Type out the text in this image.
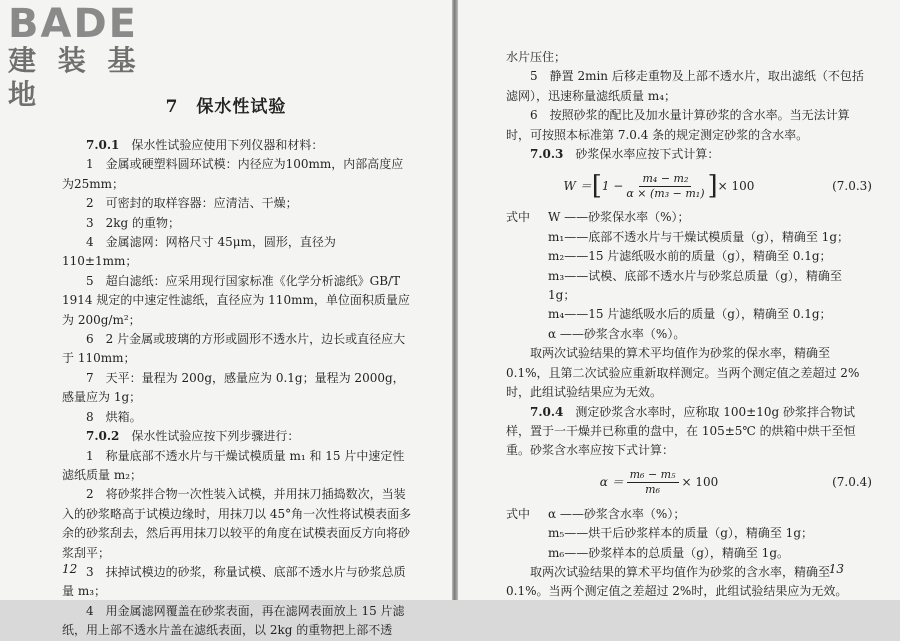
BADE
建 装 基 地	7　保水性试验

7.0.1　 保水性试验应使用下列仪器和材料：

1　金属或硬塑料圆环试模：内径应为100mm，内部高度应为25mm；
2　可密封的取样容器：应清洁、干燥；
3　2kg 的重物；
4　金属滤网：网格尺寸 45μm，圆形，直径为 110±1mm；
5　超白滤纸：应采用现行国家标准《化学分析滤纸》GB/T 1914 规定的中速定性滤纸，直径应为 110mm，单位面积质量应为 200g/m²；
6　2 片金属或玻璃的方形或圆形不透水片，边长或直径应大于 110mm；
7　天平：量程为 200g，感量应为 0.1g；量程为 2000g，感量应为 1g；
8　烘箱。

7.0.2　 保水性试验应按下列步骤进行：

1　称量底部不透水片与干燥试模质量 m₁ 和 15 片中速定性滤纸质量 m₂；
2　将砂浆拌合物一次性装入试模，并用抹刀插捣数次，当装入的砂浆略高于试模边缘时，用抹刀以 45°角一次性将试模表面多余的砂浆刮去，然后再用抹刀以较平的角度在试模表面反方向将砂浆刮平；
3　抹掉试模边的砂浆，称量试模、底部不透水片与砂浆总质量 m₃；
4　用金属滤网覆盖在砂浆表面，再在滤网表面放上 15 片滤纸，用上部不透水片盖在滤纸表面，以 2kg 的重物把上部不透
12
水片压住；
5　静置 2min 后移走重物及上部不透水片，取出滤纸（不包括滤网），迅速称量滤纸质量 m₄；
6　按照砂浆的配比及加水量计算砂浆的含水率。当无法计算时，可按照本标准第 7.0.4 条的规定测定砂浆的含水率。

7.0.3　 砂浆保水率应按下式计算：

W ＝ [ $1 - \frac{\text{m₄ − m₂}}{\text{α × (m₃ − m₁)}}$ ] × 100	(7.0.3)
式中 W ——砂浆保水率（%）；
m₁——底部不透水片与干燥试模质量（g），精确至 1g；
m₂——15 片滤纸吸水前的质量（g），精确至 0.1g；
m₃——试模、底部不透水片与砂浆总质量（g），精确至 1g；
m₄——15 片滤纸吸水后的质量（g），精确至 0.1g；
α ——砂浆含水率（%）。

取两次试验结果的算术平均值作为砂浆的保水率，精确至 0.1%，且第二次试验应重新取样测定。当两个测定值之差超过 2%时，此组试验结果应为无效。

7.0.4　 测定砂浆含水率时，应称取 100±10g 砂浆拌合物试样，置于一干燥并已称重的盘中，在 105±5℃ 的烘箱中烘干至恒重。砂浆含水率应按下式计算：

$\alpha = \frac{\text{m₆ − m₅}}{\text{m₆}} \times 100$	(7.0.4)
式中 α ——砂浆含水率（%）；
m₅——烘干后砂浆样本的质量（g），精确至 1g；
m₆——砂浆样本的总质量（g），精确至 1g。

取两次试验结果的算术平均值作为砂浆的含水率，精确至 0.1%。当两个测定值之差超过 2%时，此组试验结果应为无效。

13
